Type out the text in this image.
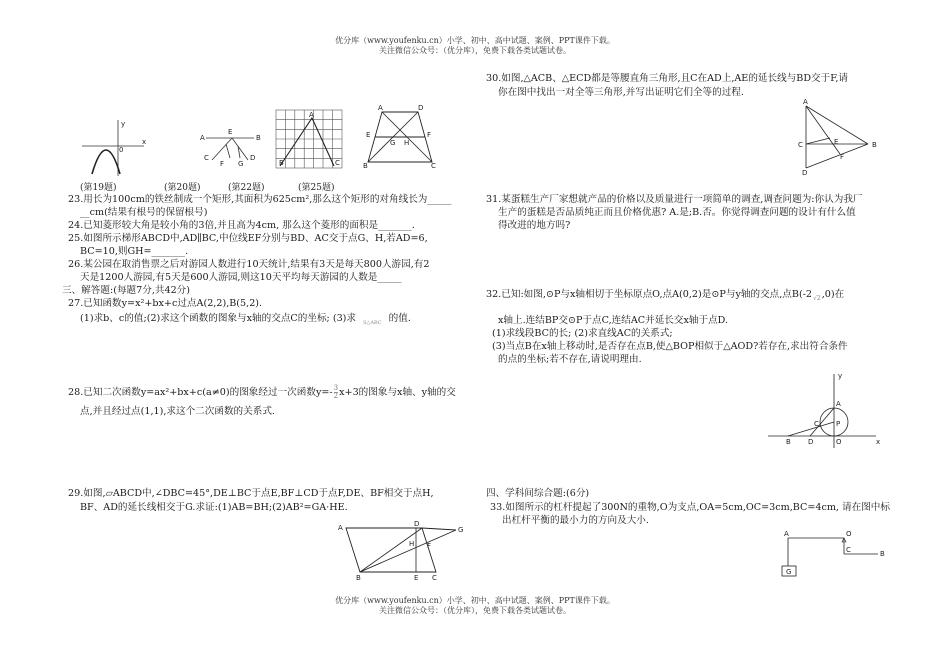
优分库（www.youfenku.cn）小学、初中、高中试题、案例、PPT课件下载。
关注微信公众号：（优分库），免费下载各类试题试卷。
y
x
0
A
E
B
C
F G
D
A
B	C
A	D
E	F
G H
B	C
(第19题)	(第20题)	(第22题)	(第25题)
23.用长为100cm的铁丝制成一个矩形,其面积为625cm²,那么这个矩形的对角线长为_____
__cm(结果有根号的保留根号)
24.已知菱形较大角是较小角的3倍,并且高为4cm, 那么这个菱形的面积是_______.
25.如图所示梯形ABCD中,AD∥BC,中位线EF分别与BD、AC交于点G、H,若AD=6,
BC=10,则GH=_______.
26.某公园在取消售票之后对游园人数进行10天统计,结果有3天是每天800人游园,有2
天是1200人游园,有5天是600人游园,则这10天平均每天游园的人数是_____
三、解答题:(每题7分,共42分)
27.已知函数y=x²+bx+c过点A(2,2),B(5,2).
(1)求b、c的值;(2)求这个函数的图象与x轴的交点C的坐标; (3)求 $_{S\triangle ABC}$ 的值.
28.已知二次函数y=ax²+bx+c(a≠0)的图象经过一次函数$y=- \frac{3}{2} x+3$的图象与x轴、y轴的交
点,并且经过点(1,1),求这个二次函数的关系式.
29.如图,▱ABCD中,∠DBC=45°,DE⊥BC于点E,BF⊥CD于点F,DE、BF相交于点H,
BF、AD的延长线相交于G.求证:(1)AB=BH;(2)AB²=GA·HE.
A	D
G
H F
B	E C
30.如图,△ACB、△ECD都是等腰直角三角形,且C在AD上,AE的延长线与BD交于F,请
你在图中找出一对全等三角形,并写出证明它们全等的过程.
A
E	B
F
C
D
31.某蛋糕生产厂家想就产品的价格以及质量进行一项简单的调查,调查问题为:你认为我厂
生产的蛋糕是否品质纯正而且价格优惠? A.是;B.否。你觉得调查问题的设计有什么值
得改进的地方吗?
32.已知:如图,⊙P与x轴相切于坐标原点O,点A(0,2)是⊙P与y轴的交点,点$B(-2_{√2},0)$在
x轴上.连结BP交⊙P于点C,连结AC并延长交x轴于点D.
(1)求线段BC的长; (2)求直线AC的关系式;
(3)当点B在x轴上移动时,是否存在点B,使△BOP相似于△AOD?若存在,求出符合条件
的点的坐标;若不存在,请说明理由.
y
A
C P
B D	O	x
四、学科间综合题:(6分)
33.如图所示的杠杆提起了300N的重物,O为支点,OA=5cm,OC=3cm,BC=4cm, 请在图中标
出杠杆平衡的最小力的方向及大小.
A	O
B
C
G
优分库（www.youfenku.cn）小学、初中、高中试题、案例、PPT课件下载。
关注微信公众号：（优分库），免费下载各类试题试卷。
